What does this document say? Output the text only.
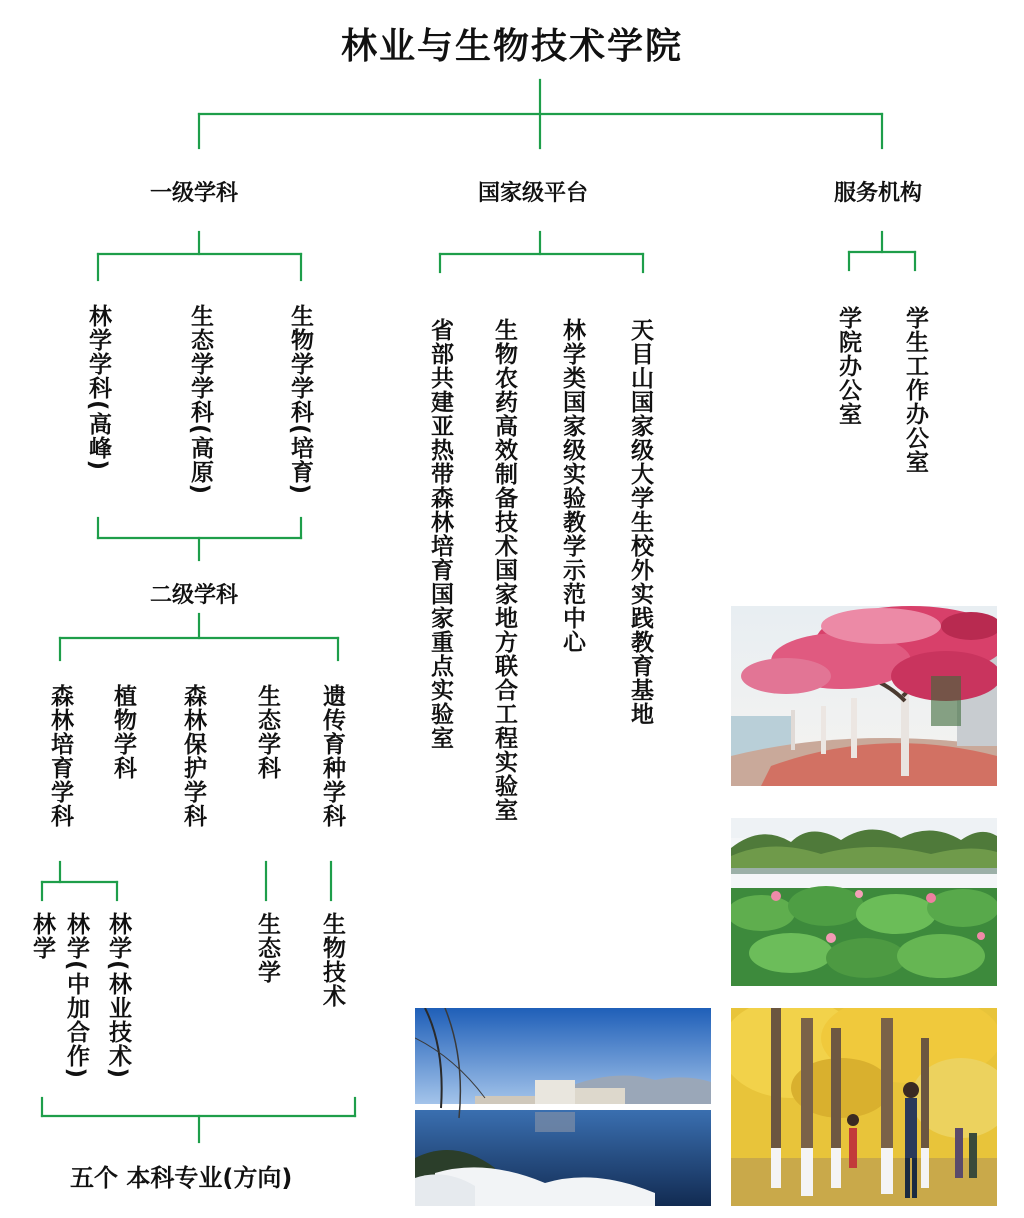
林业与生物技术学院
一级学科	国家级平台	服务机构
林学学科(高峰)	生态学学科(高原)	生物学学科(培育)
二级学科
森林培育学科 植物学科 森林保护学科 生态学科 遗传育种学科
林学 林学(中加合作) 林学(林业技术)	生态学 生物技术
五个 本科专业(方向)
省部共建亚热带森林培育国家重点实验室 生物农药高效制备技术国家地方联合工程实验室 林学类国家级实验教学示范中心 天目山国家级大学生校外实践教育基地	学院办公室 学生工作办公室
